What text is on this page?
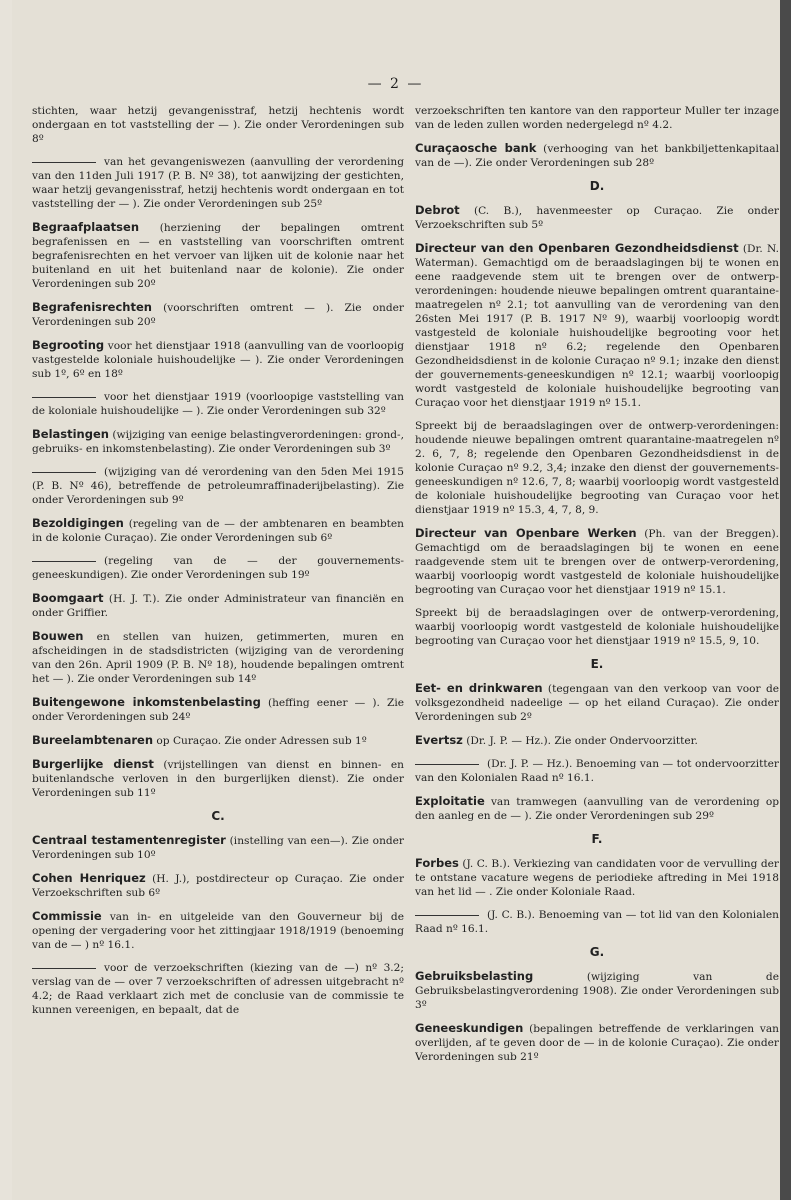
— 2 —

stichten, waar hetzij gevangenisstraf, hetzij hechtenis wordt ondergaan en tot vaststelling der — ). Zie onder Verordeningen sub 8º

van het gevangeniswezen (aanvulling der verordening van den 11den Juli 1917 (P. B. Nº 38), tot aanwijzing der gestichten, waar hetzij gevangenisstraf, hetzij hechtenis wordt ondergaan en tot vaststelling der — ). Zie onder Verordeningen sub 25º

Begraafplaatsen (herziening der bepalingen omtrent begrafenissen en — en vaststelling van voorschriften omtrent begrafenisrechten en het vervoer van lijken uit de kolonie naar het buitenland en uit het buitenland naar de kolonie). Zie onder Verordeningen sub 20º

Begrafenisrechten (voorschriften omtrent — ). Zie onder Verordeningen sub 20º

Begrooting voor het dienstjaar 1918 (aanvulling van de voorloopig vastgestelde koloniale huishoudelijke — ). Zie onder Verordeningen sub 1º, 6º en 18º

voor het dienstjaar 1919 (voorloopige vaststelling van de koloniale huishoudelijke — ). Zie onder Verordeningen sub 32º

Belastingen (wijziging van eenige belastingverordeningen: grond-, gebruiks- en inkomstenbelasting). Zie onder Verordeningen sub 3º

(wijziging van dé verordening van den 5den Mei 1915 (P. B. Nº 46), betreffende de petroleumraffinaderijbelasting). Zie onder Verordeningen sub 9º

Bezoldigingen (regeling van de — der ambtenaren en beambten in de kolonie Curaçao). Zie onder Verordeningen sub 6º

(regeling van de — der gouvernements-geneeskundigen). Zie onder Verordeningen sub 19º

Boomgaart (H. J. T.). Zie onder Administrateur van financiën en onder Griffier.

Bouwen en stellen van huizen, getimmerten, muren en afscheidingen in de stadsdistricten (wijziging van de verordening van den 26n. April 1909 (P. B. Nº 18), houdende bepalingen omtrent het — ). Zie onder Verordeningen sub 14º

Buitengewone inkomstenbelasting (heffing eener — ). Zie onder Verordeningen sub 24º

Bureelambtenaren op Curaçao. Zie onder Adressen sub 1º

Burgerlijke dienst (vrijstellingen van dienst en binnen- en buitenlandsche verloven in den burgerlijken dienst). Zie onder Verordeningen sub 11º

C.

Centraal testamentenregister (instelling van een—). Zie onder Verordeningen sub 10º

Cohen Henriquez (H. J.), postdirecteur op Curaçao. Zie onder Verzoekschriften sub 6º

Commissie van in- en uitgeleide van den Gouverneur bij de opening der vergadering voor het zittingjaar 1918/1919 (benoeming van de — ) nº 16.1.

voor de verzoekschriften (kiezing van de —) nº 3.2; verslag van de — over 7 verzoekschriften of adressen uitgebracht nº 4.2; de Raad verklaart zich met de conclusie van de commissie te kunnen vereenigen, en bepaalt, dat de

verzoekschriften ten kantore van den rapporteur Muller ter inzage van de leden zullen worden nedergelegd nº 4.2.

Curaçaosche bank (verhooging van het bankbiljettenkapitaal van de —). Zie onder Verordeningen sub 28º

D.

Debrot (C. B.), havenmeester op Curaçao. Zie onder Verzoekschriften sub 5º

Directeur van den Openbaren Gezondheidsdienst (Dr. N. Waterman). Gemachtigd om de beraadslagingen bij te wonen en eene raadgevende stem uit te brengen over de ontwerp-verordeningen: houdende nieuwe bepalingen omtrent quarantaine-maatregelen nº 2.1; tot aanvulling van de verordening van den 26sten Mei 1917 (P. B. 1917 Nº 9), waarbij voorloopig wordt vastgesteld de koloniale huishoudelijke begrooting voor het dienstjaar 1918 nº 6.2; regelende den Openbaren Gezondheidsdienst in de kolonie Curaçao nº 9.1; inzake den dienst der gouvernements-geneeskundigen nº 12.1; waarbij voorloopig wordt vastgesteld de koloniale huishoudelijke begrooting van Curaçao voor het dienstjaar 1919 nº 15.1.

Spreekt bij de beraadslagingen over de ontwerp-verordeningen: houdende nieuwe bepalingen omtrent quarantaine-maatregelen nº 2. 6, 7, 8; regelende den Openbaren Gezondheidsdienst in de kolonie Curaçao nº 9.2, 3,4; inzake den dienst der gouvernements-geneeskundigen nº 12.6, 7, 8; waarbij voorloopig wordt vastgesteld de koloniale huishoudelijke begrooting van Curaçao voor het dienstjaar 1919 nº 15.3, 4, 7, 8, 9.

Directeur van Openbare Werken (Ph. van der Breggen). Gemachtigd om de beraadslagingen bij te wonen en eene raadgevende stem uit te brengen over de ontwerp-verordening, waarbij voorloopig wordt vastgesteld de koloniale huishoudelijke begrooting van Curaçao voor het dienstjaar 1919 nº 15.1.

Spreekt bij de beraadslagingen over de ontwerp-verordening, waarbij voorloopig wordt vastgesteld de koloniale huishoudelijke begrooting van Curaçao voor het dienstjaar 1919 nº 15.5, 9, 10.

E.

Eet- en drinkwaren (tegengaan van den verkoop van voor de volksgezondheid nadeelige — op het eiland Curaçao). Zie onder Verordeningen sub 2º

Evertsz (Dr. J. P. — Hz.). Zie onder Ondervoorzitter.

(Dr. J. P. — Hz.). Benoeming van — tot ondervoorzitter van den Kolonialen Raad nº 16.1.

Exploitatie van tramwegen (aanvulling van de verordening op den aanleg en de — ). Zie onder Verordeningen sub 29º

F.

Forbes (J. C. B.). Verkiezing van candidaten voor de vervulling der te ontstane vacature wegens de periodieke aftreding in Mei 1918 van het lid — . Zie onder Koloniale Raad.

(J. C. B.). Benoeming van — tot lid van den Kolonialen Raad nº 16.1.

G.

Gebruiksbelasting (wijziging van de Gebruiksbelastingverordening 1908). Zie onder Verordeningen sub 3º

Geneeskundigen (bepalingen betreffende de verklaringen van overlijden, af te geven door de — in de kolonie Curaçao). Zie onder Verordeningen sub 21º
